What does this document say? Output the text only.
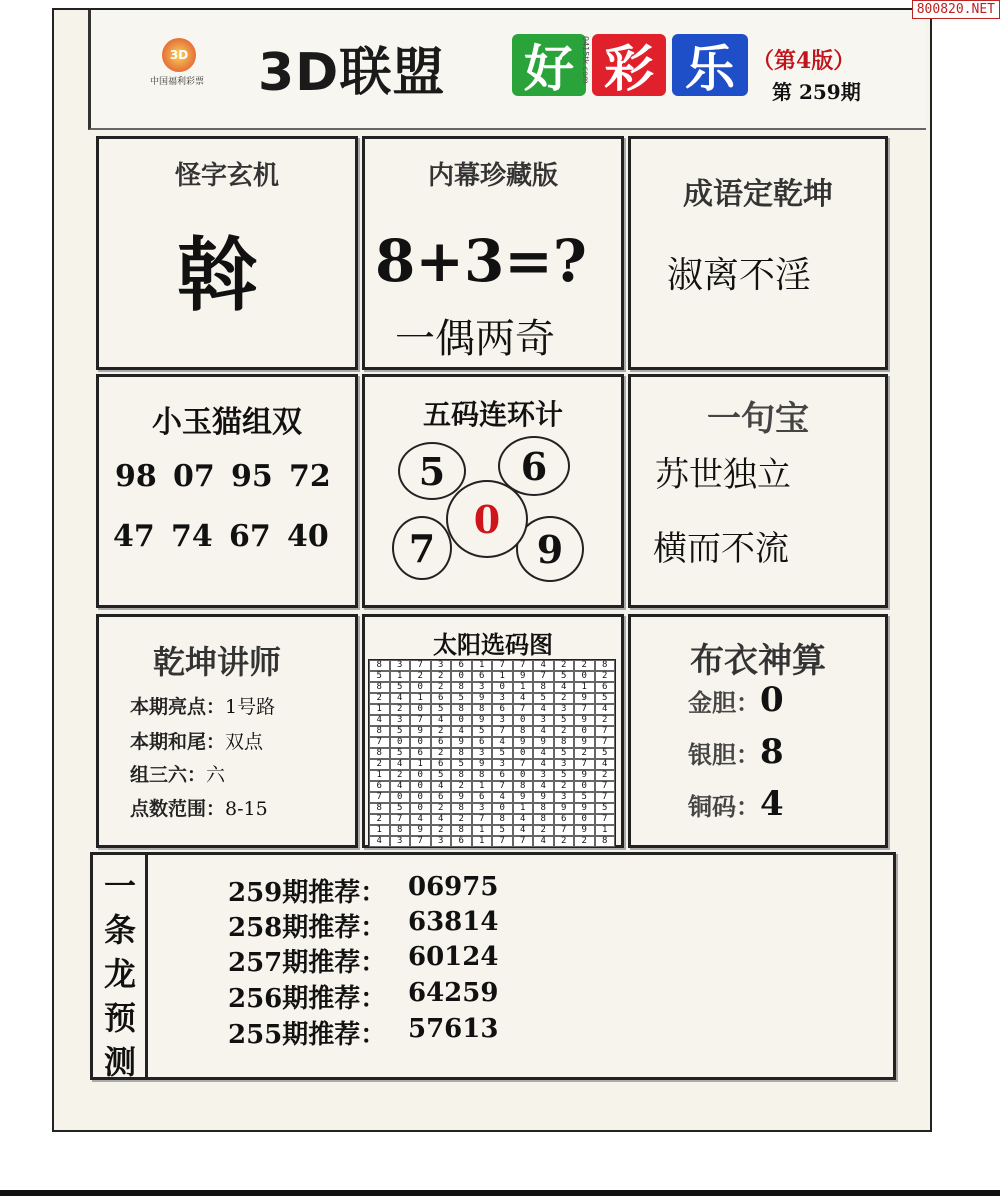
800820.NET
3D
中国福利彩票	3D联盟 好 彩 乐
0415tk.com	（第4版）
第 259期
怪字玄机
斡
内幕珍藏版
8+3=?
一偶两奇
成语定乾坤
淑离不淫
小玉猫组双
98 07 95 72
47 74 67 40
五码连环计
5	6
7	9
0
一句宝
苏世独立
横而不流
乾坤讲师
本期亮点：1号路
本期和尾：双点
组三六：六
点数范围：8-15
太阳选码图
8	3	7	3	6	1	7	7	4	2	2	8
5	1	2	2	0	6	1	9	7	5	0	2
8	5	0	2	8	3	0	1	8	4	1	6
2	4	1	6	5	9	3	4	5	2	9	5
1	2	0	5	8	8	6	7	4	3	7	4
4	3	7	4	0	9	3	0	3	5	9	2
8	5	9	2	4	5	7	8	4	2	0	7
7	0	0	6	9	6	4	9	9	8	9	7
8	5	6	2	8	3	5	0	4	5	2	5
2	4	1	6	5	9	3	7	4	3	7	4
1	2	0	5	8	8	6	0	3	5	9	2
6	4	0	4	2	1	7	8	4	2	0	7
7	0	0	6	9	6	4	9	9	3	5	7
8	5	0	2	8	3	0	1	8	9	9	5
2	7	4	4	2	7	8	4	8	6	0	7
1	8	9	2	8	1	5	4	2	7	9	1
4	3	7	3	6	1	7	7	4	2	2	8
布衣神算
金胆：0
银胆：8
铜码：4
一
条
龙
预
测
259期推荐： 06975
258期推荐： 63814
257期推荐： 60124
256期推荐： 64259
255期推荐： 57613
